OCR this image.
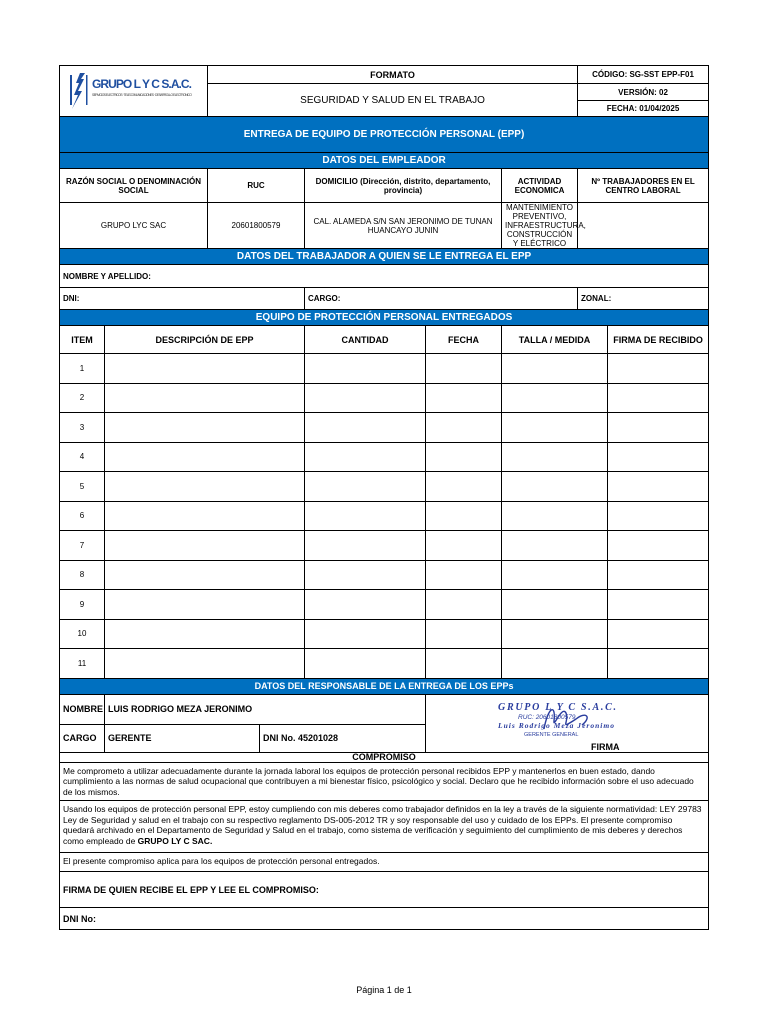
GRUPO L Y C S.A.C.
SERVICIOS ELECTRICOS · TELECOMUNICACIONES · DESARROLLO ELECTRONICO		FORMATO					CÓDIGO: SG-SST EPP-F01	
		SEGURIDAD Y SALUD EN EL TRABAJO					VERSIÓN: 02	
							FECHA: 01/04/2025	
ENTREGA DE EQUIPO DE PROTECCIÓN PERSONAL (EPP)								
DATOS DEL EMPLEADOR								
RAZÓN SOCIAL O DENOMINACIÓN SOCIAL		RUC		DOMICILIO (Dirección, distrito, departamento, provincia)		ACTIVIDAD ECONOMICA	Nº TRABAJADORES EN EL CENTRO LABORAL	
GRUPO LYC SAC		20601800579		CAL. ALAMEDA S/N SAN JERONIMO DE TUNAN HUANCAYO JUNIN		MANTENIMIENTO PREVENTIVO, INFRAESTRUCTURA, CONSTRUCCIÓN Y ELÉCTRICO		
DATOS DEL TRABAJADOR A QUIEN SE LE ENTREGA EL EPP								
NOMBRE Y APELLIDO:								
DNI:				CARGO:			ZONAL:	
EQUIPO DE PROTECCIÓN PERSONAL ENTREGADOS								
ITEM	DESCRIPCIÓN DE EPP			CANTIDAD	FECHA	TALLA / MEDIDA		FIRMA DE RECIBIDO
1								
2								
3								
4								
5								
6								
7								
8								
9								
10								
11								
DATOS DEL RESPONSABLE DE LA ENTREGA DE LOS EPPs								
NOMBRE	LUIS RODRIGO MEZA JERONIMO				GRUPO L Y C S.A.C.
RUC: 20601800579
Luis Rodrigo Meza Jeronimo
GERENTE GENERAL
FIRMA			

CARGO	GERENTE		DNI No. 45201028					
COMPROMISO								
Me comprometo a utilizar adecuadamente durante la jornada laboral los equipos de protección personal recibidos EPP y mantenerlos en buen estado, dando cumplimiento a las normas de salud ocupacional que contribuyen a mi bienestar físico, psicológico y social. Declaro que he recibido información sobre el uso adecuado de los mismos.								
Usando los equipos de protección personal EPP, estoy cumpliendo con mis deberes como trabajador definidos en la ley a través de la siguiente normatividad: LEY 29783 Ley de Seguridad y salud en el trabajo con su respectivo reglamento DS-005-2012 TR y soy responsable del uso y cuidado de los EPPs. El presente compromiso quedará archivado en el Departamento de Seguridad y Salud en el trabajo, como sistema de verificación y seguimiento del cumplimiento de mis deberes y derechos como empleado de GRUPO LY C SAC.								
El presente compromiso aplica para los equipos de protección personal entregados.								
FIRMA DE QUIEN RECIBE EL EPP Y LEE EL COMPROMISO:								
DNI No:								
Página 1 de 1
